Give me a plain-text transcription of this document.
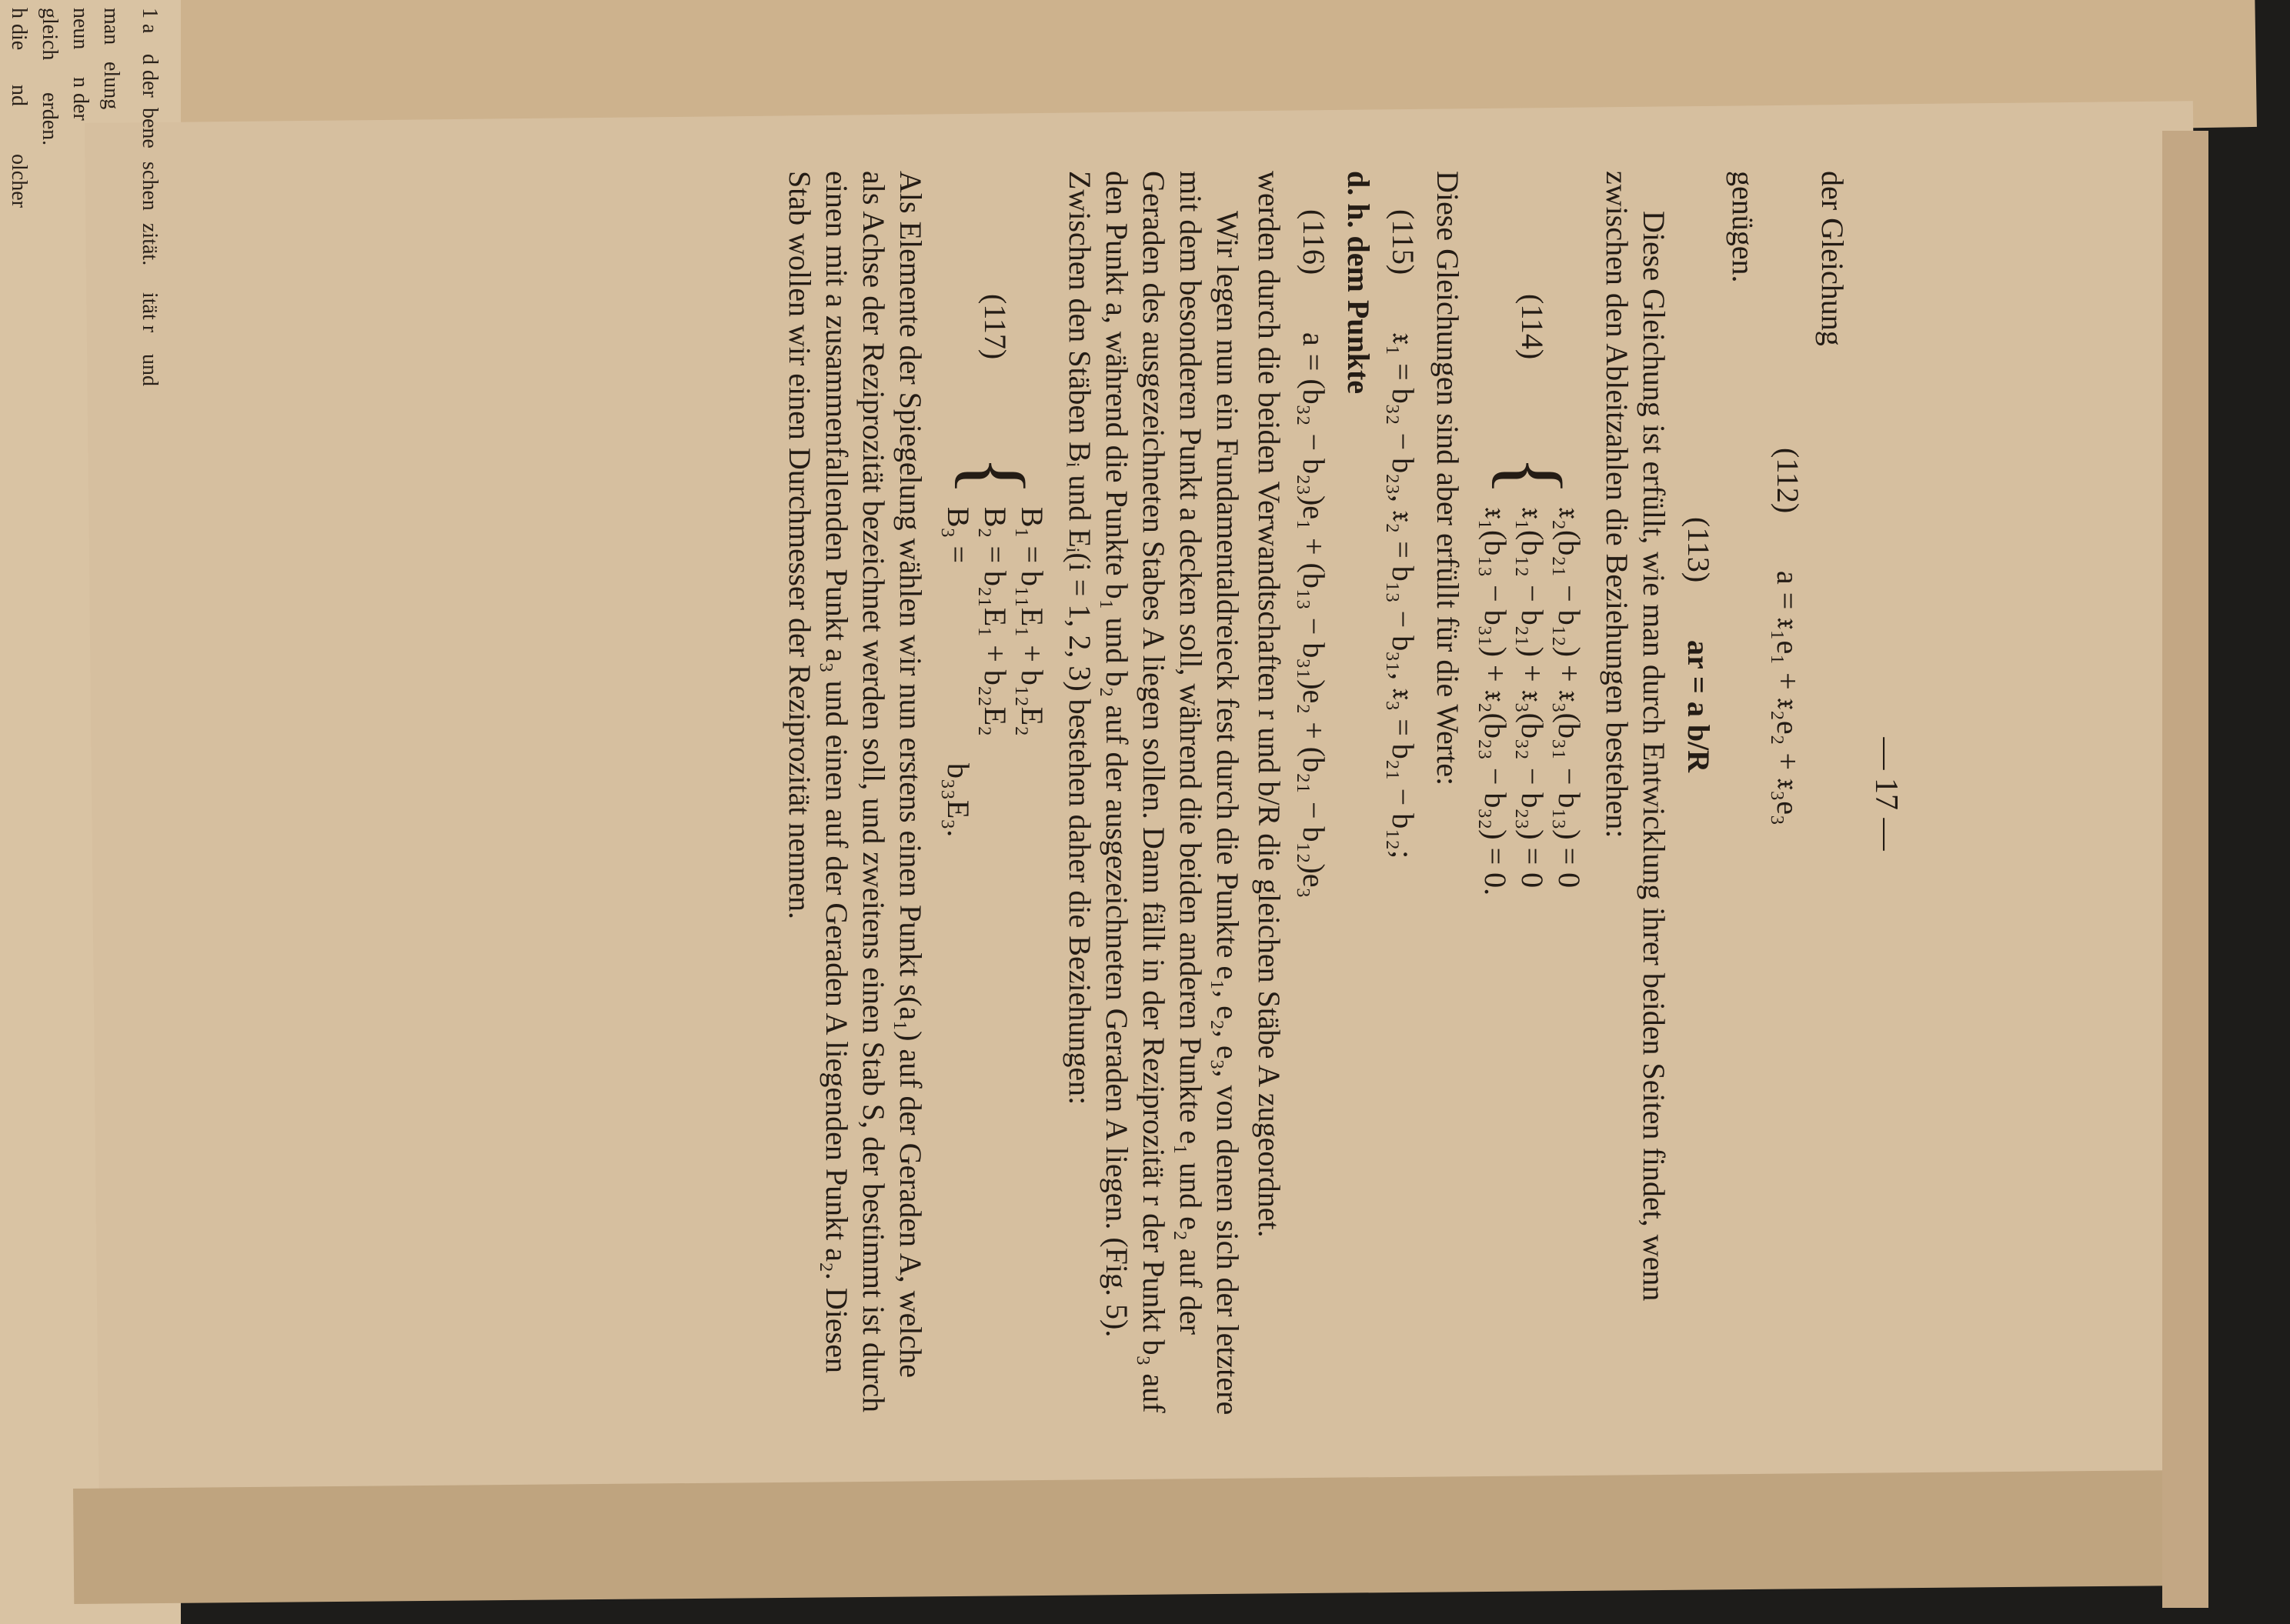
1 a
d der
bene
schen
zität.
ität r
und
man
elung
neun
n der
gleich
erden.
h die
nd
olcher
— 17 —

der Gleichung

(112) a = 𝔵₁e₁ + 𝔵₂e₂ + 𝔵₃e₃

genügen.

(113) ar = a b/R

Diese Gleichung ist erfüllt, wie man durch Entwicklung ihrer beiden Seiten findet, wenn zwischen den Ableitzahlen die Beziehungen bestehen:

(114)
{
𝔵₂(b₂₁ − b₁₂) + 𝔵₃(b₃₁ − b₁₃) = 0
𝔵₁(b₁₂ − b₂₁) + 𝔵₃(b₃₂ − b₂₃) = 0
𝔵₁(b₁₃ − b₃₁) + 𝔵₂(b₂₃ − b₃₂) = 0.

Diese Gleichungen sind aber erfüllt für die Werte:

(115) 𝔵₁ = b₃₂ − b₂₃, 𝔵₂ = b₁₃ − b₃₁, 𝔵₃ = b₂₁ − b₁₂;

d. h. dem Punkte

(116) a = (b₃₂ − b₂₃)e₁ + (b₁₃ − b₃₁)e₂ + (b₂₁ − b₁₂)e₃

werden durch die beiden Verwandtschaften r und b/R die gleichen Stäbe A zugeordnet.

Wir legen nun ein Fundamentaldreieck fest durch die Punkte e₁, e₂, e₃, von denen sich der letztere mit dem besonderen Punkt a decken soll, während die beiden anderen Punkte e₁ und e₂ auf der Geraden des ausgezeichneten Stabes A liegen sollen. Dann fällt in der Reziprozität r der Punkt b₃ auf den Punkt a, während die Punkte b₁ und b₂ auf der ausgezeichneten Geraden A liegen. (Fig. 5). Zwischen den Stäben Bᵢ und Eᵢ(i = 1, 2, 3) bestehen daher die Beziehungen:

(117)
{
B₁ = b₁₁E₁ + b₁₂E₂
B₂ = b₂₁E₁ + b₂₂E₂
B₃ =                          b₃₃E₃.

Als Elemente der Spiegelung wählen wir nun erstens einen Punkt s(a₁) auf der Geraden A, welche als Achse der Reziprozität bezeichnet werden soll, und zweitens einen Stab S, der bestimmt ist durch einen mit a zusammenfallenden Punkt a₃ und einen auf der Geraden A liegenden Punkt a₂. Diesen Stab wollen wir einen Durchmesser der Reziprozität nennen.
